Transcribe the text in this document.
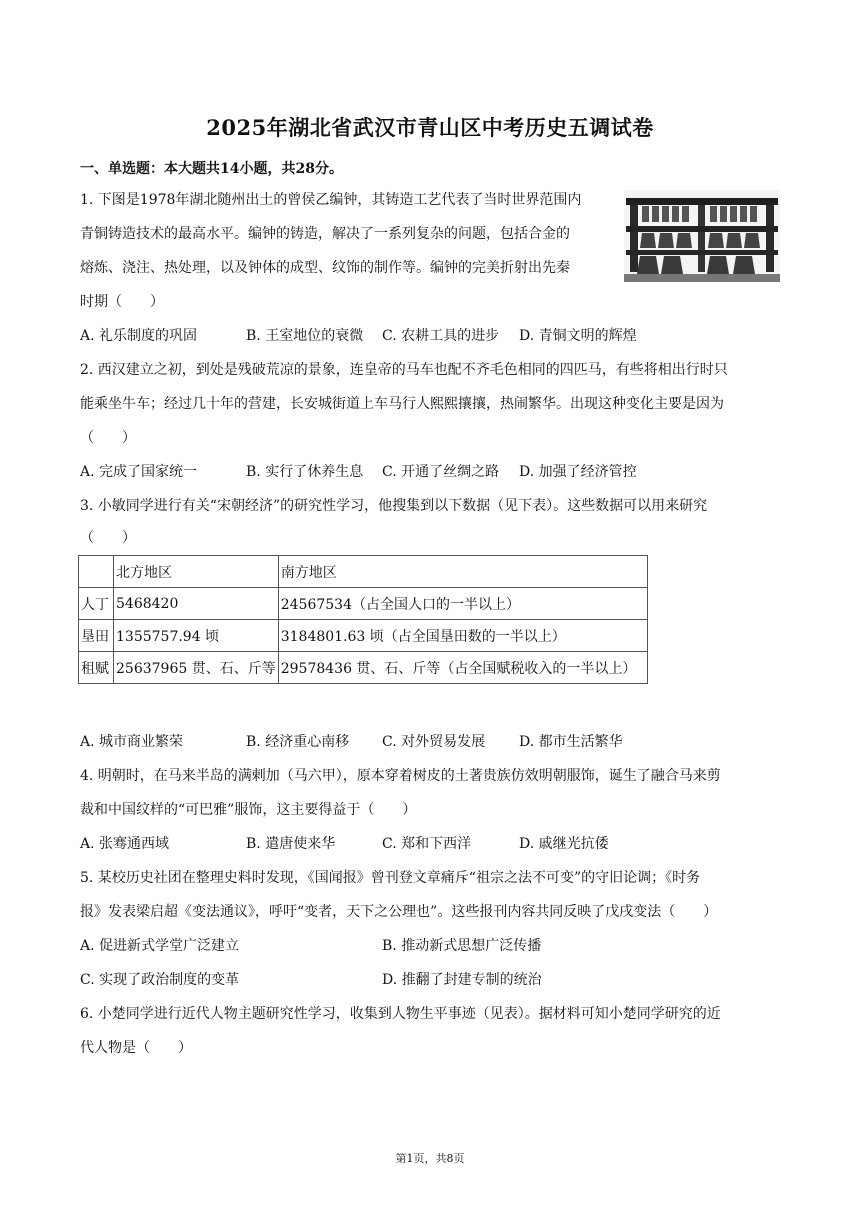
2025年湖北省武汉市青山区中考历史五调试卷
一、单选题：本大题共14小题，共28分。
1. 下图是1978年湖北随州出土的曾侯乙编钟，其铸造工艺代表了当时世界范围内
青铜铸造技术的最高水平。编钟的铸造，解决了一系列复杂的问题，包括合金的
熔炼、浇注、热处理，以及钟体的成型、纹饰的制作等。编钟的完美折射出先秦
时期（　　）
A. 礼乐制度的巩固	B. 王室地位的衰微 C. 农耕工具的进步 D. 青铜文明的辉煌
2. 西汉建立之初，到处是残破荒凉的景象，连皇帝的马车也配不齐毛色相同的四匹马，有些将相出行时只
能乘坐牛车；经过几十年的营建，长安城街道上车马行人熙熙攘攘，热闹繁华。出现这种变化主要是因为
（　　）
A. 完成了国家统一	B. 实行了休养生息 C. 开通了丝绸之路 D. 加强了经济管控
3. 小敏同学进行有关“宋朝经济”的研究性学习，他搜集到以下数据（见下表）。这些数据可以用来研究
（　　）
	北方地区	南方地区
人丁	5468420	24567534（占全国人口的一半以上）
垦田	1355757.94 顷	3184801.63 顷（占全国垦田数的一半以上）
租赋	25637965 贯、石、斤等	29578436 贯、石、斤等（占全国赋税收入的一半以上）
A. 城市商业繁荣	B. 经济重心南移 C. 对外贸易发展 D. 都市生活繁华
4. 明朝时，在马来半岛的满剌加（马六甲），原本穿着树皮的土著贵族仿效明朝服饰，诞生了融合马来剪
裁和中国纹样的“可巴雅”服饰，这主要得益于（　　）
A. 张骞通西域	B. 遣唐使来华	C. 郑和下西洋	D. 戚继光抗倭
5. 某校历史社团在整理史料时发现，《国闻报》曾刊登文章痛斥“祖宗之法不可变”的守旧论调；《时务
报》发表梁启超《变法通议》，呼吁“变者，天下之公理也”。这些报刊内容共同反映了戊戌变法（　　）
A. 促进新式学堂广泛建立	B. 推动新式思想广泛传播
C. 实现了政治制度的变革	D. 推翻了封建专制的统治
6. 小楚同学进行近代人物主题研究性学习，收集到人物生平事迹（见表）。据材料可知小楚同学研究的近
代人物是（　　）
第1页，共8页
